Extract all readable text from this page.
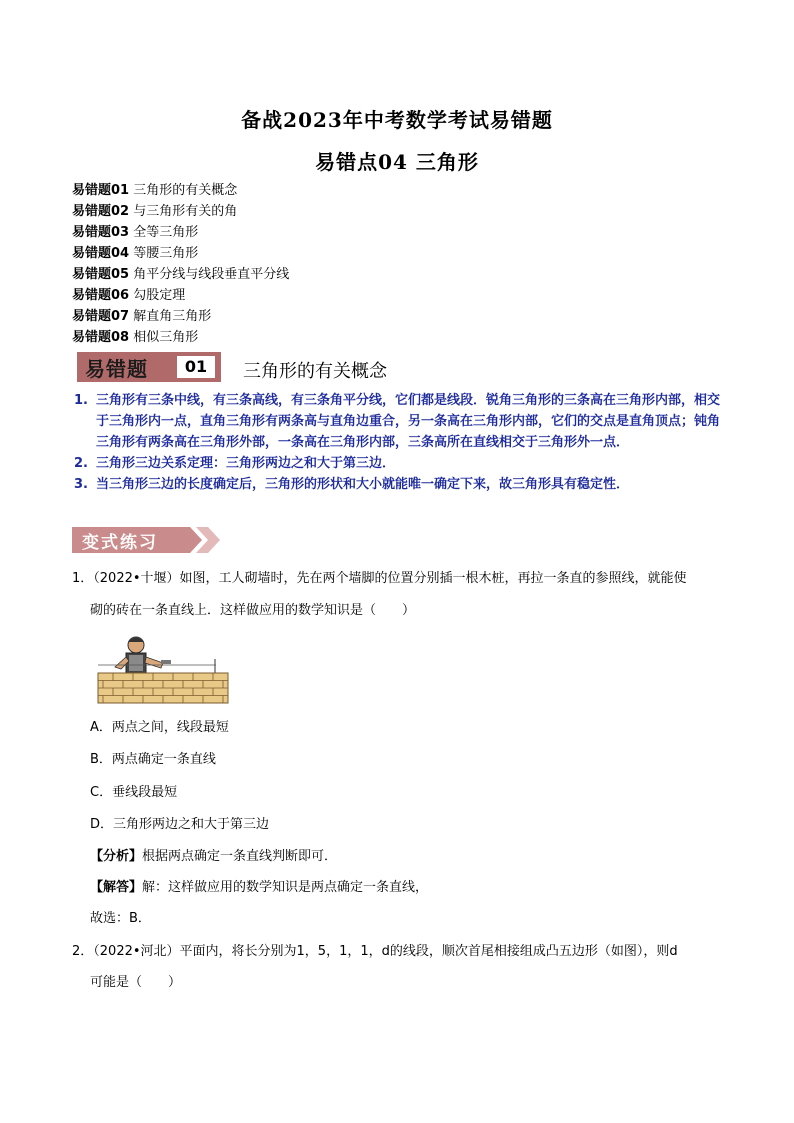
备战2023年中考数学考试易错题
易错点04 三角形
易错题01 三角形的有关概念
易错题02 与三角形有关的角
易错题03 全等三角形
易错题04 等腰三角形
易错题05 角平分线与线段垂直平分线
易错题06 勾股定理
易错题07 解直角三角形
易错题08 相似三角形
易错题	01	三角形的有关概念
1. 三角形有三条中线，有三条高线，有三条角平分线，它们都是线段．锐角三角形的三条高在三角形内部，相交于三角形内一点，直角三角形有两条高与直角边重合，另一条高在三角形内部，它们的交点是直角顶点；钝角三角形有两条高在三角形外部，一条高在三角形内部，三条高所在直线相交于三角形外一点．
2. 三角形三边关系定理：三角形两边之和大于第三边．
3. 当三角形三边的长度确定后，三角形的形状和大小就能唯一确定下来，故三角形具有稳定性．
变式练习
1．（2022•十堰）如图，工人砌墙时，先在两个墙脚的位置分别插一根木桩，再拉一条直的参照线，就能使
砌的砖在一条直线上．这样做应用的数学知识是（　　）
A．两点之间，线段最短
B．两点确定一条直线
C．垂线段最短
D．三角形两边之和大于第三边
【分析】根据两点确定一条直线判断即可．
【解答】解：这样做应用的数学知识是两点确定一条直线，
故选：B．
2．（2022•河北）平面内，将长分别为1，5，1，1，d的线段，顺次首尾相接组成凸五边形（如图），则d
可能是（　　）
